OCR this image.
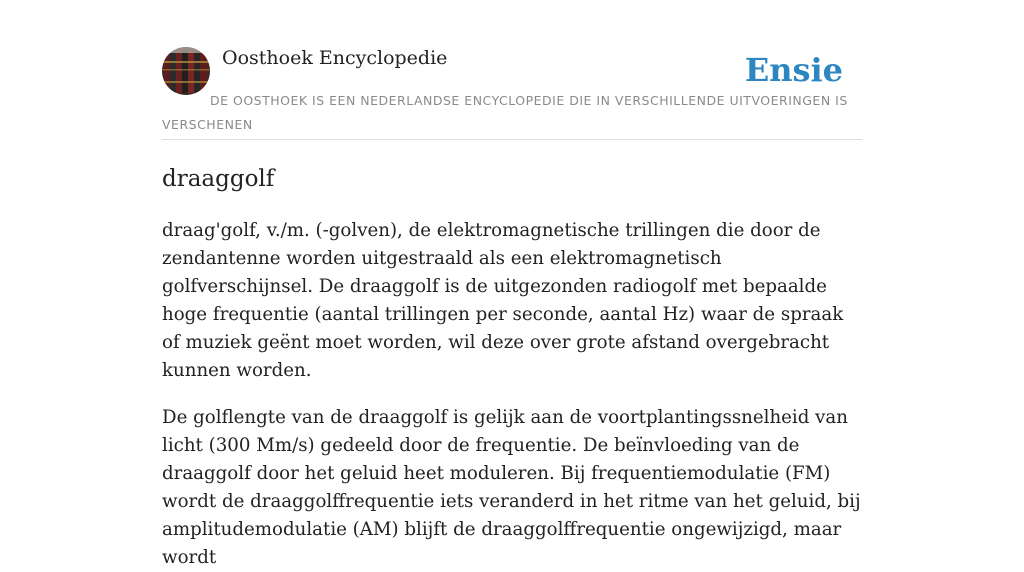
Oosthoek Encyclopedie	Ensie
DE OOSTHOEK IS EEN NEDERLANDSE ENCYCLOPEDIE DIE IN VERSCHILLENDE UITVOERINGEN IS VERSCHENEN
draaggolf

draag'golf, v./m. (-golven), de elektromagnetische trillingen die door de zendantenne worden uitgestraald als een elektromagnetisch golfverschijnsel. De draaggolf is de uitgezonden radiogolf met bepaalde hoge frequentie (aantal trillingen per seconde, aantal Hz) waar de spraak of muziek geënt moet worden, wil deze over grote afstand overgebracht kunnen worden.

De golflengte van de draaggolf is gelijk aan de voortplantingssnelheid van licht (300 Mm/s) gedeeld door de frequentie. De beïnvloeding van de draaggolf door het geluid heet moduleren. Bij frequentiemodulatie (FM) wordt de draaggolffrequentie iets veranderd in het ritme van het geluid, bij amplitudemodulatie (AM) blijft de draaggolffrequentie ongewijzigd, maar wordt
